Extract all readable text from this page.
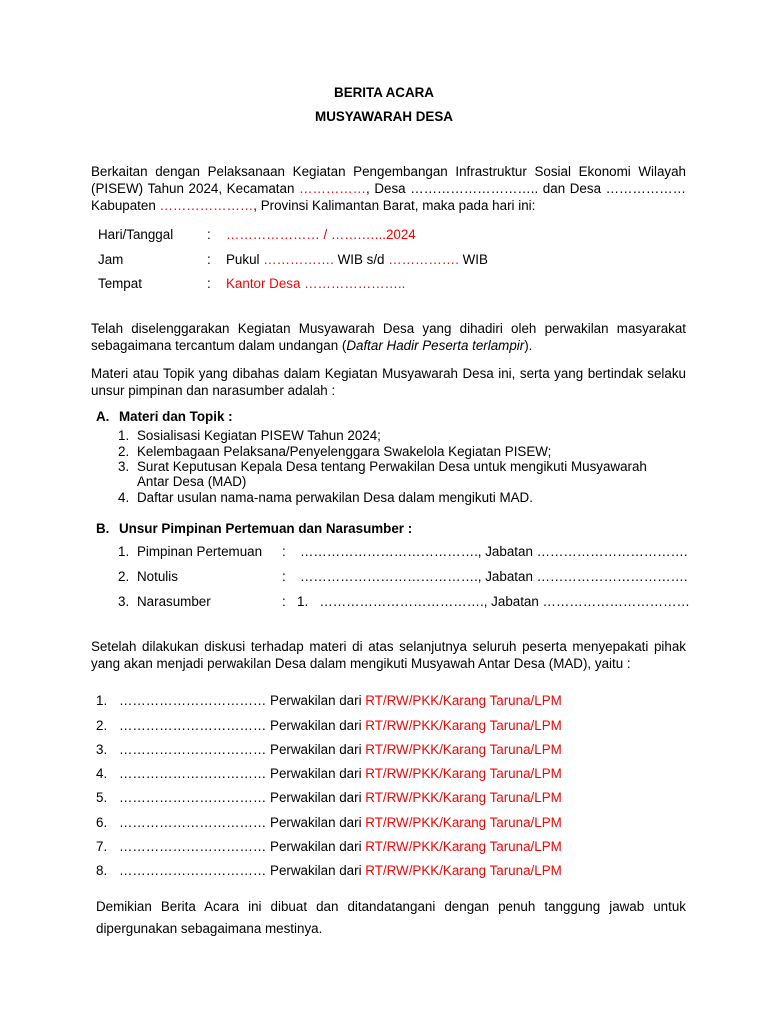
BERITA ACARA
MUSYAWARAH DESA
Berkaitan dengan Pelaksanaan Kegiatan Pengembangan Infrastruktur Sosial Ekonomi Wilayah (PISEW) Tahun 2024, Kecamatan ……………, Desa ……………………….. dan Desa ………………Kabupaten …………………, Provinsi Kalimantan Barat, maka pada hari ini:
Hari/Tanggal	: ………………… / …….…...2024
Jam	: Pukul ……………. WIB s/d ……………. WIB
Tempat	: Kantor Desa …………………..
Telah diselenggarakan Kegiatan Musyawarah Desa yang dihadiri oleh perwakilan masyarakat sebagaimana tercantum dalam undangan (Daftar Hadir Peserta terlampir).
Materi atau Topik yang dibahas dalam Kegiatan Musyawarah Desa ini, serta yang bertindak selaku unsur pimpinan dan narasumber adalah :
A. Materi dan Topik :
1. Sosialisasi Kegiatan PISEW Tahun 2024;
2. Kelembagaan Pelaksana/Penyelenggara Swakelola Kegiatan PISEW;
3. Surat Keputusan Kepala Desa tentang Perwakilan Desa untuk mengikuti Musyawarah
Antar Desa (MAD)
4. Daftar usulan nama-nama perwakilan Desa dalam mengikuti MAD.
B. Unsur Pimpinan Pertemuan dan Narasumber :
1. Pimpinan Pertemuan : …………………………………., Jabatan …………………………….
2. Notulis	: …………………………………., Jabatan …………………………….
3. Narasumber	: 1.   ………………………………., Jabatan ……………………………
Setelah dilakukan diskusi terhadap materi di atas selanjutnya seluruh peserta menyepakati pihak yang akan menjadi perwakilan Desa dalam mengikuti Musyawah Antar Desa (MAD), yaitu :
1. …………………………… Perwakilan dari RT/RW/PKK/Karang Taruna/LPM
2. …………………………… Perwakilan dari RT/RW/PKK/Karang Taruna/LPM
3. …………………………… Perwakilan dari RT/RW/PKK/Karang Taruna/LPM
4. …………………………… Perwakilan dari RT/RW/PKK/Karang Taruna/LPM
5. …………………………… Perwakilan dari RT/RW/PKK/Karang Taruna/LPM
6. …………………………… Perwakilan dari RT/RW/PKK/Karang Taruna/LPM
7. …………………………… Perwakilan dari RT/RW/PKK/Karang Taruna/LPM
8. …………………………… Perwakilan dari RT/RW/PKK/Karang Taruna/LPM
Demikian Berita Acara ini dibuat dan ditandatangani dengan penuh tanggung jawab untuk dipergunakan sebagaimana mestinya.
